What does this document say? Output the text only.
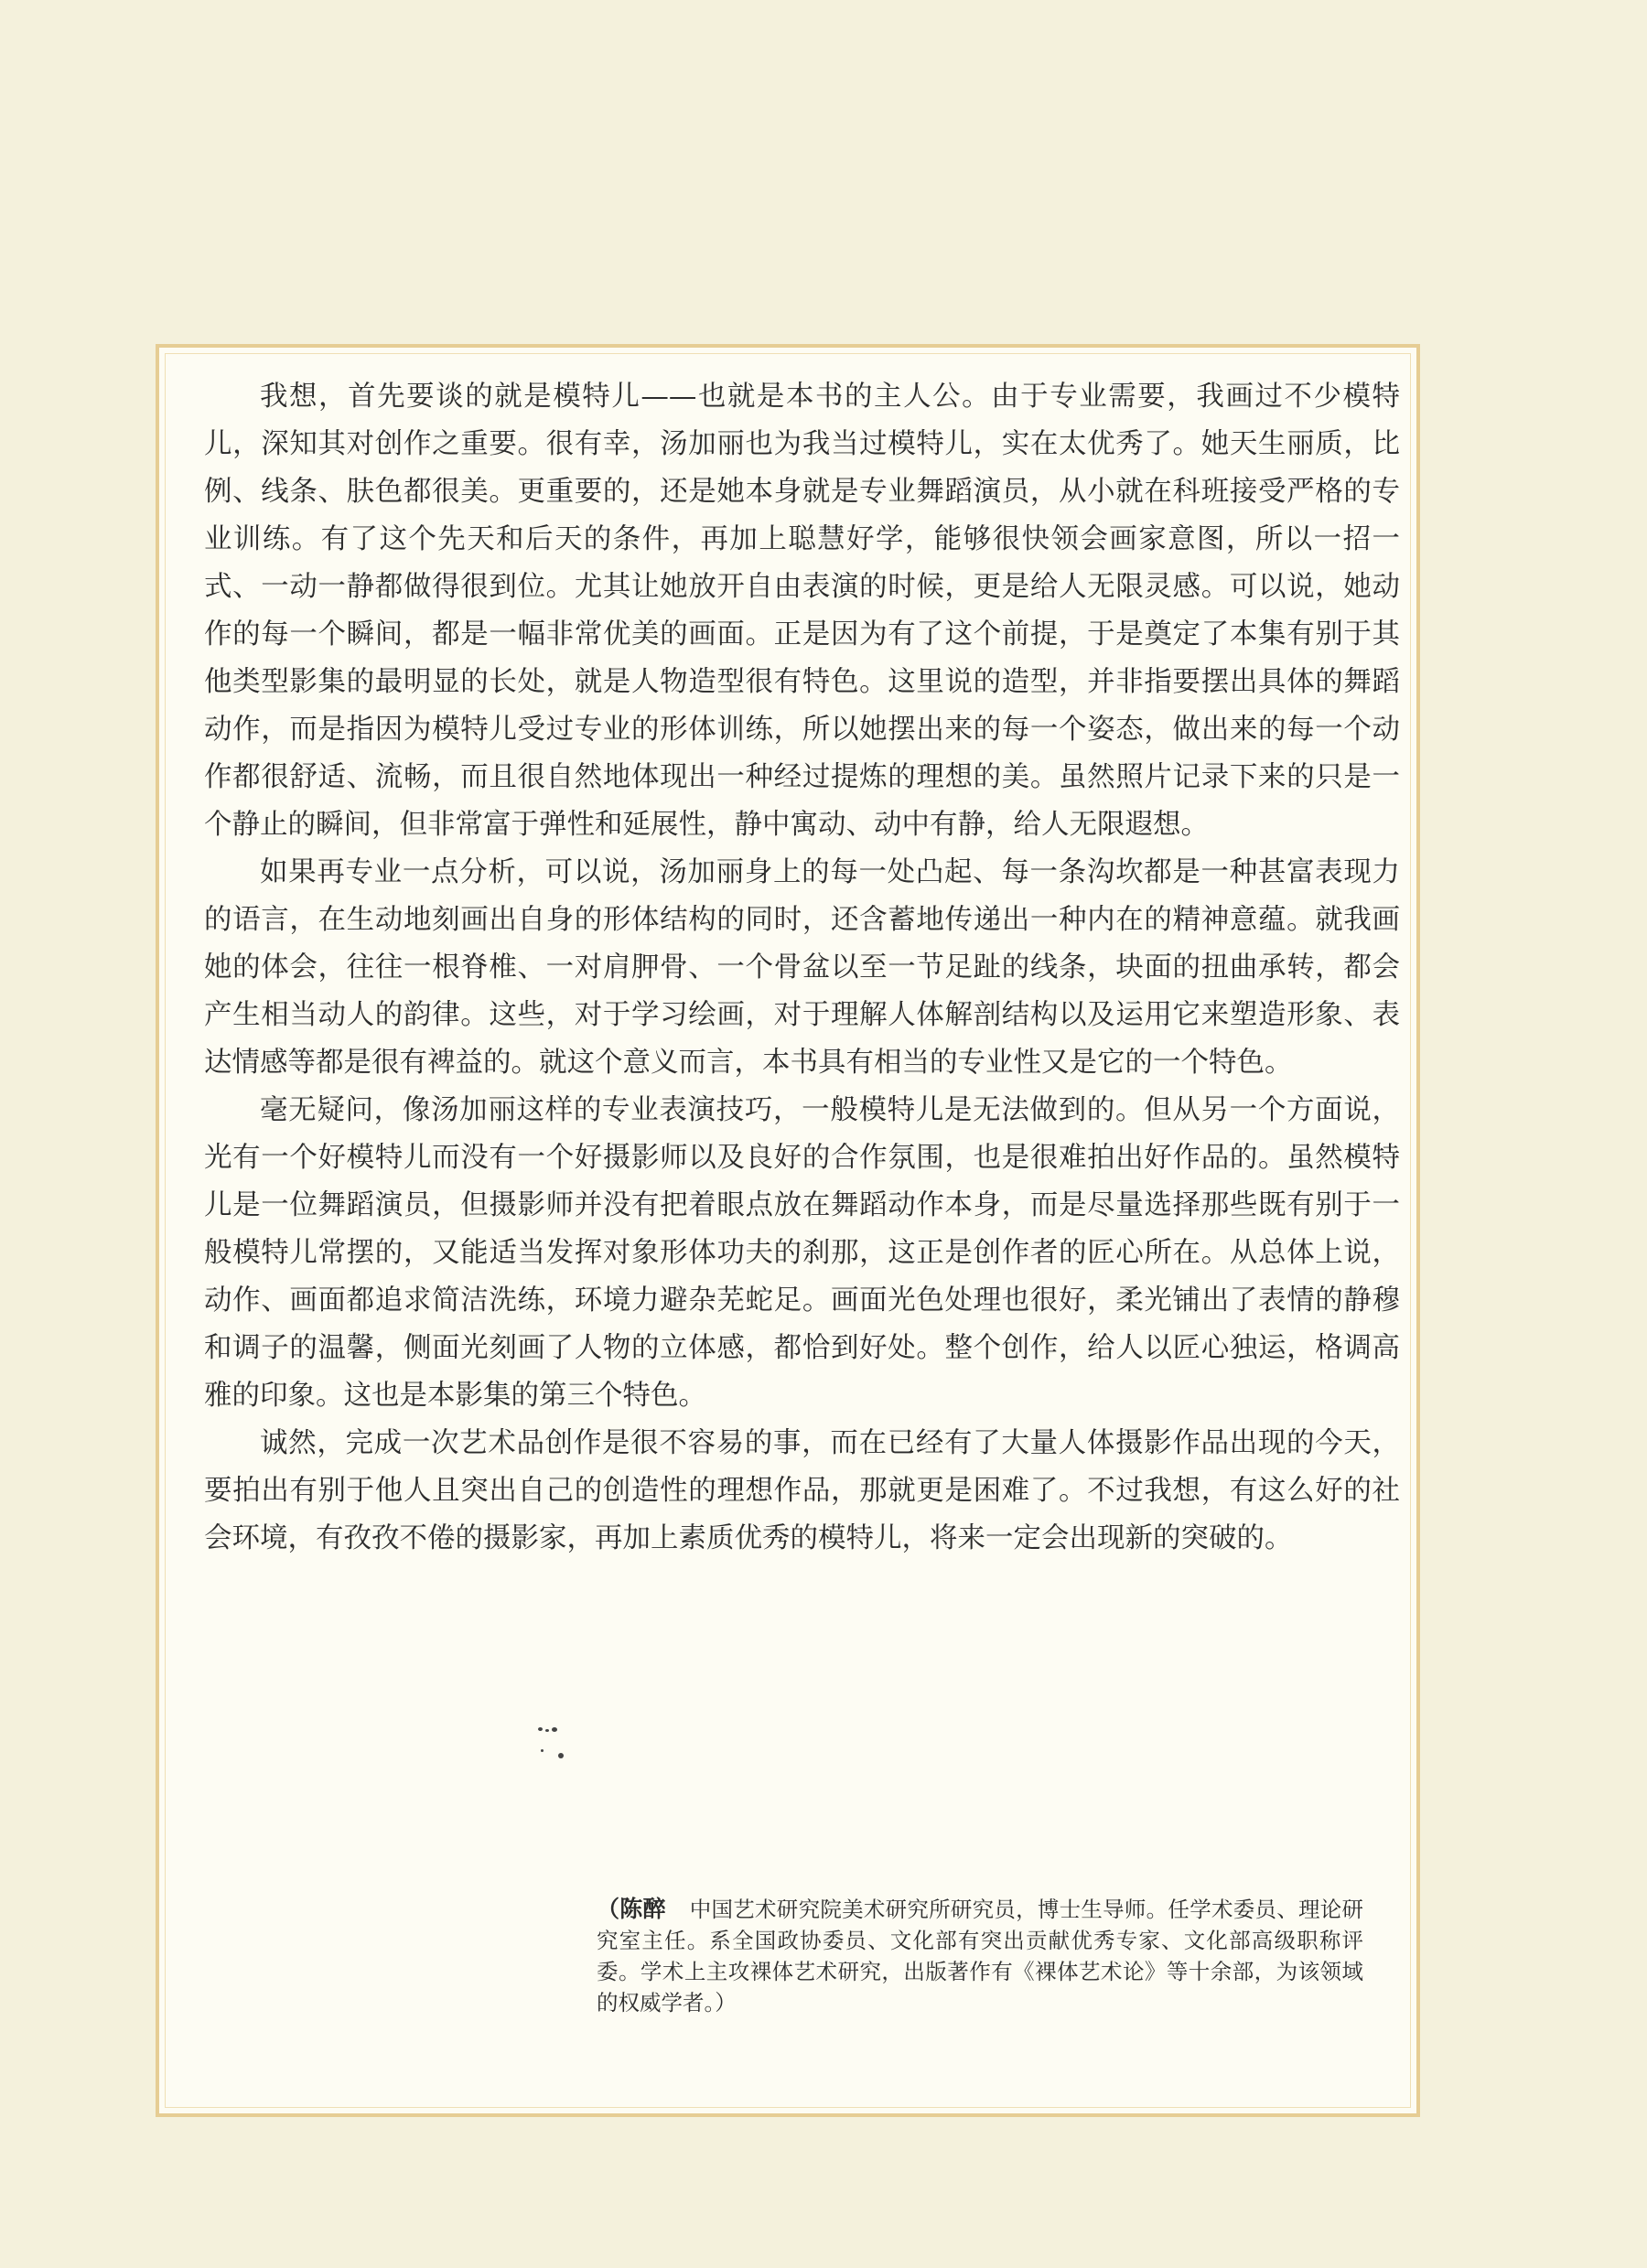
我想，首先要谈的就是模特儿——也就是本书的主人公。由于专业需要，我画过不少模特儿，深知其对创作之重要。很有幸，汤加丽也为我当过模特儿，实在太优秀了。她天生丽质，比例、线条、肤色都很美。更重要的，还是她本身就是专业舞蹈演员，从小就在科班接受严格的专业训练。有了这个先天和后天的条件，再加上聪慧好学，能够很快领会画家意图，所以一招一式、一动一静都做得很到位。尤其让她放开自由表演的时候，更是给人无限灵感。可以说，她动作的每一个瞬间，都是一幅非常优美的画面。正是因为有了这个前提，于是奠定了本集有别于其他类型影集的最明显的长处，就是人物造型很有特色。这里说的造型，并非指要摆出具体的舞蹈动作，而是指因为模特儿受过专业的形体训练，所以她摆出来的每一个姿态，做出来的每一个动作都很舒适、流畅，而且很自然地体现出一种经过提炼的理想的美。虽然照片记录下来的只是一个静止的瞬间，但非常富于弹性和延展性，静中寓动、动中有静，给人无限遐想。

如果再专业一点分析，可以说，汤加丽身上的每一处凸起、每一条沟坎都是一种甚富表现力的语言，在生动地刻画出自身的形体结构的同时，还含蓄地传递出一种内在的精神意蕴。就我画她的体会，往往一根脊椎、一对肩胛骨、一个骨盆以至一节足趾的线条，块面的扭曲承转，都会产生相当动人的韵律。这些，对于学习绘画，对于理解人体解剖结构以及运用它来塑造形象、表达情感等都是很有裨益的。就这个意义而言，本书具有相当的专业性又是它的一个特色。

毫无疑问，像汤加丽这样的专业表演技巧，一般模特儿是无法做到的。但从另一个方面说，光有一个好模特儿而没有一个好摄影师以及良好的合作氛围，也是很难拍出好作品的。虽然模特儿是一位舞蹈演员，但摄影师并没有把着眼点放在舞蹈动作本身，而是尽量选择那些既有别于一般模特儿常摆的，又能适当发挥对象形体功夫的刹那，这正是创作者的匠心所在。从总体上说，动作、画面都追求简洁洗练，环境力避杂芜蛇足。画面光色处理也很好，柔光铺出了表情的静穆和调子的温馨，侧面光刻画了人物的立体感，都恰到好处。整个创作，给人以匠心独运，格调高雅的印象。这也是本影集的第三个特色。

诚然，完成一次艺术品创作是很不容易的事，而在已经有了大量人体摄影作品出现的今天，要拍出有别于他人且突出自己的创造性的理想作品，那就更是困难了。不过我想，有这么好的社会环境，有孜孜不倦的摄影家，再加上素质优秀的模特儿，将来一定会出现新的突破的。

（陈醉 中国艺术研究院美术研究所研究员，博士生导师。任学术委员、理论研究室主任。系全国政协委员、文化部有突出贡献优秀专家、文化部高级职称评委。学术上主攻裸体艺术研究，出版著作有《裸体艺术论》等十余部，为该领域的权威学者。）
